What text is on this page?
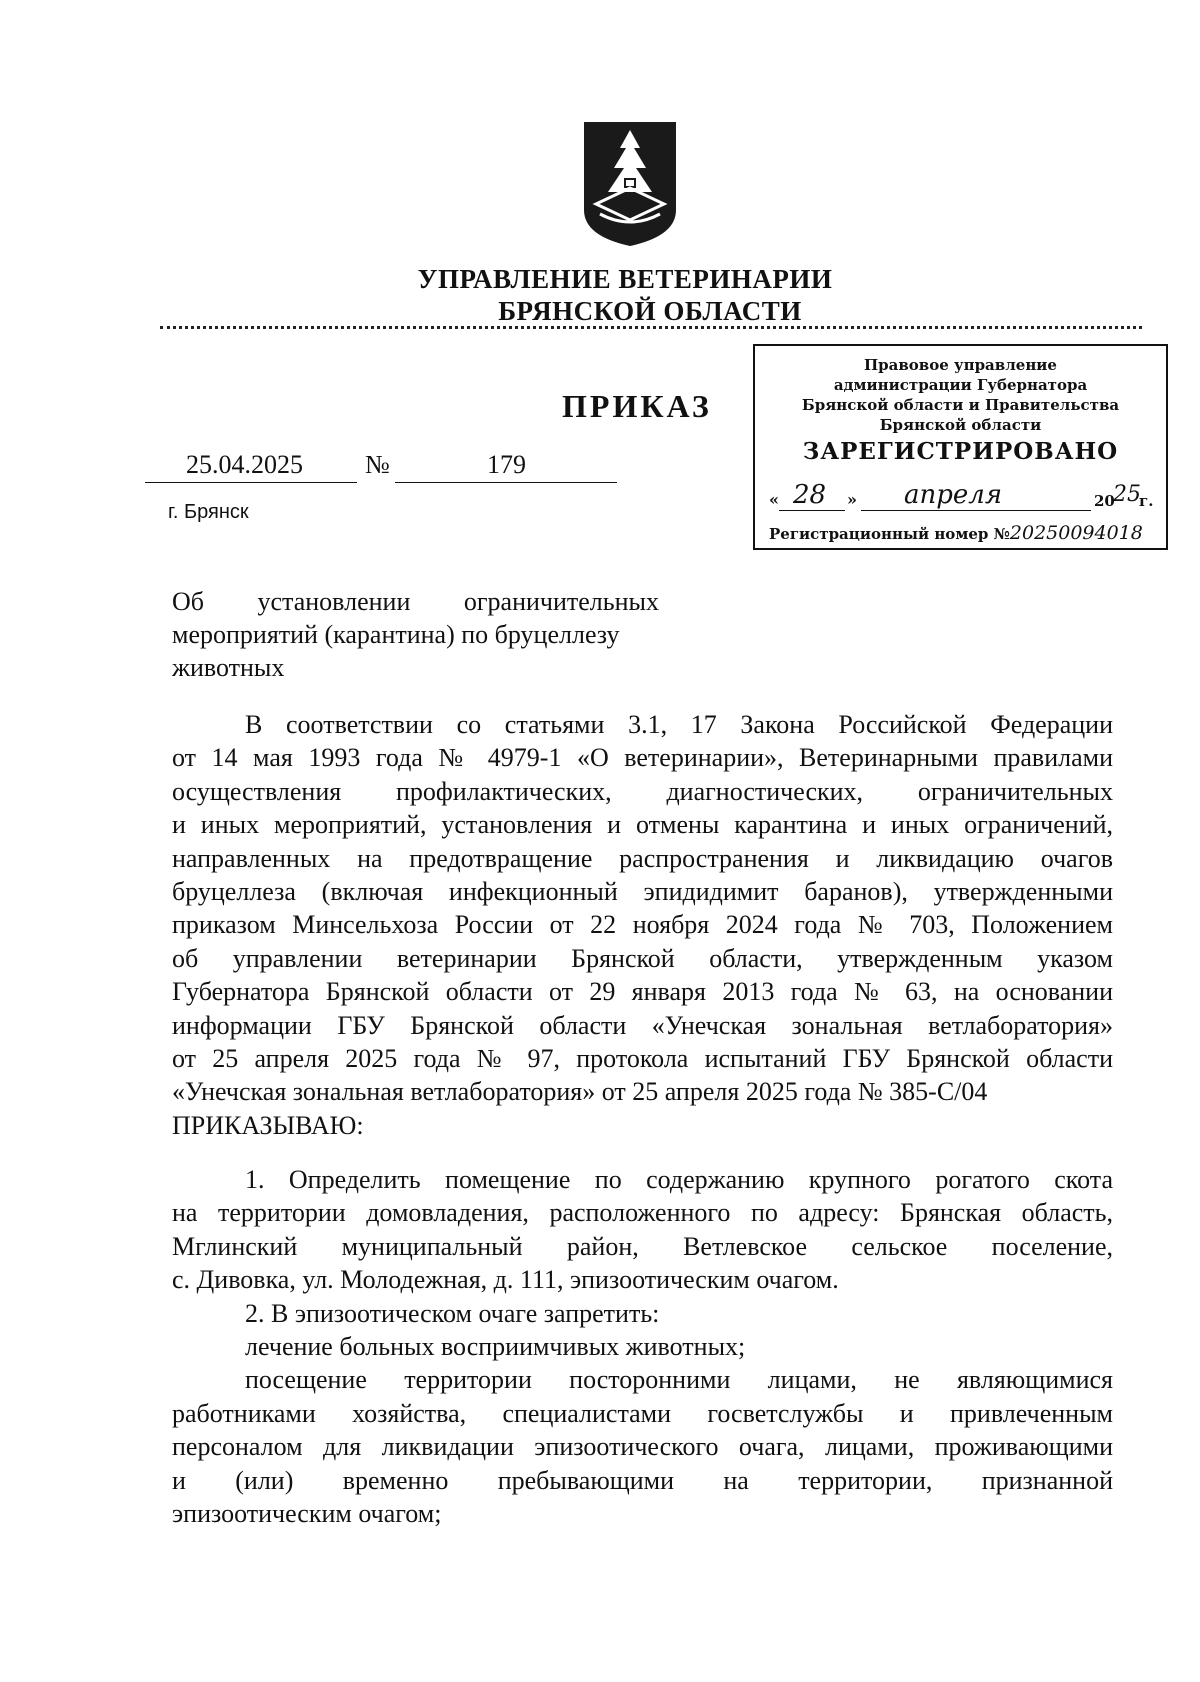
УПРАВЛЕНИЕ ВЕТЕРИНАРИИ
БРЯНСКОЙ ОБЛАСТИ
ПРИКАЗ
25.04.2025 №	179
г. Брянск
Правовое управление
администрации Губернатора
Брянской области и Правительства
Брянской области
ЗАРЕГИСТРИРОВАНО
« 28 » апреля	20
25
г.
Регистрационный номер №20250094018
Об установлении ограничительных
мероприятий (карантина) по бруцеллезу
животных

В соответствии со статьями 3.1, 17 Закона Российской Федерации

от 14 мая 1993 года № 4979-1 «О ветеринарии», Ветеринарными правилами

осуществления профилактических, диагностических, ограничительных

и иных мероприятий, установления и отмены карантина и иных ограничений,

направленных на предотвращение распространения и ликвидацию очагов

бруцеллеза (включая инфекционный эпидидимит баранов), утвержденными

приказом Минсельхоза России от 22 ноября 2024 года № 703, Положением

об управлении ветеринарии Брянской области, утвержденным указом

Губернатора Брянской области от 29 января 2013 года № 63, на основании

информации ГБУ Брянской области «Унечская зональная ветлаборатория»

от 25 апреля 2025 года № 97, протокола испытаний ГБУ Брянской области

«Унечская зональная ветлаборатория» от 25 апреля 2025 года № 385-С/04

ПРИКАЗЫВАЮ:

1. Определить помещение по содержанию крупного рогатого скота

на территории домовладения, расположенного по адресу: Брянская область,

Мглинский муниципальный район, Ветлевское сельское поселение,

с. Дивовка, ул. Молодежная, д. 111, эпизоотическим очагом.

2. В эпизоотическом очаге запретить:

лечение больных восприимчивых животных;

посещение территории посторонними лицами, не являющимися

работниками хозяйства, специалистами госветслужбы и привлеченным

персоналом для ликвидации эпизоотического очага, лицами, проживающими

и (или) временно пребывающими на территории, признанной

эпизоотическим очагом;
